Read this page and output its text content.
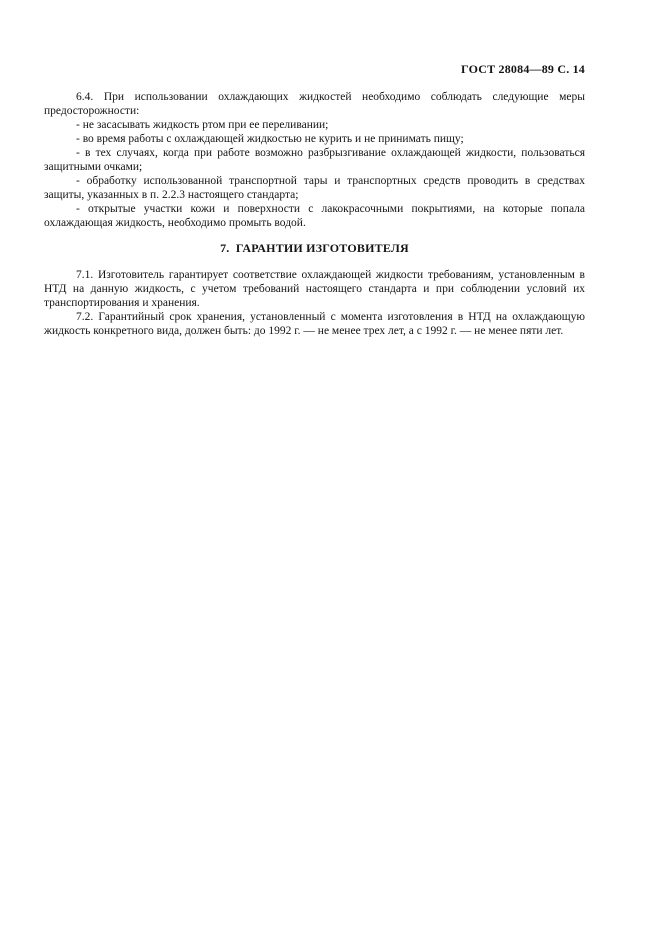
ГОСТ 28084—89 С. 14

6.4. При использовании охлаждающих жидкостей необходимо соблюдать следующие меры предосторожности:

- не засасывать жидкость ртом при ее переливании;

- во время работы с охлаждающей жидкостью не курить и не принимать пищу;

- в тех случаях, когда при работе возможно разбрызгивание охлаждающей жидкости, пользоваться защитными очками;

- обработку использованной транспортной тары и транспортных средств проводить в средствах защиты, указанных в п. 2.2.3 настоящего стандарта;

- открытые участки кожи и поверхности с лакокрасочными покрытиями, на которые попала охлаждающая жидкость, необходимо промыть водой.

7.  ГАРАНТИИ ИЗГОТОВИТЕЛЯ

7.1. Изготовитель гарантирует соответствие охлаждающей жидкости требованиям, установленным в НТД на данную жидкость, с учетом требований настоящего стандарта и при соблюдении условий их транспортирования и хранения.

7.2. Гарантийный срок хранения, установленный с момента изготовления в НТД на охлаждающую жидкость конкретного вида, должен быть: до 1992 г. — не менее трех лет, а с 1992 г. — не менее пяти лет.
